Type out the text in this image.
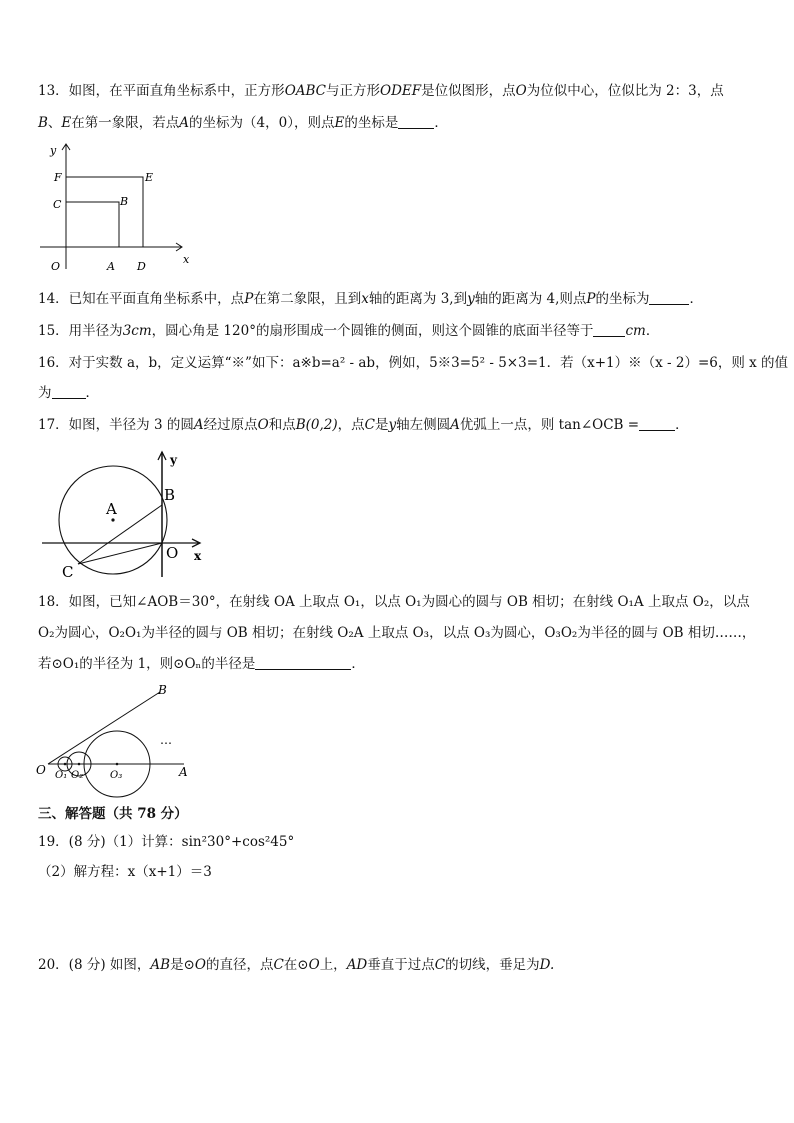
13．如图，在平面直角坐标系中，正方形OABC与正方形ODEF是位似图形，点O为位似中心，位似比为 2：3，点
B、E在第一象限，若点A的坐标为（4，0），则点E的坐标是	．
y
x
F	E
C	B
O	A D
14．已知在平面直角坐标系中，点P在第二象限，且到x轴的距离为 3,到y轴的距离为 4,则点P的坐标为	．
15．用半径为3cm，圆心角是 120°的扇形围成一个圆锥的侧面，则这个圆锥的底面半径等于 cm．
16．对于实数 a，b，定义运算“※”如下：a※b=a² - ab，例如，5※3=5² - 5×3=1．若（x+1）※（x - 2）=6，则 x 的值
为	．
17．如图，半径为 3 的圆A经过原点O和点B(0,2)，点C是y轴左侧圆A优弧上一点，则 tan∠OCB =	．
y
x
A
B
O
C
18．如图，已知∠AOB＝30°，在射线 OA 上取点 O₁，以点 O₁为圆心的圆与 OB 相切；在射线 O₁A 上取点 O₂，以点
O₂为圆心，O₂O₁为半径的圆与 OB 相切；在射线 O₂A 上取点 O₃，以点 O₃为圆心，O₃O₂为半径的圆与 OB 相切……，
若⊙O₁的半径为 1，则⊙Oₙ的半径是	．
B
O	A
O₁ O₂	O₃
…
三、解答题（共 78 分）
19．(8 分)（1）计算：sin²30°+cos²45°
（2）解方程：x（x+1）＝3
20．(8 分) 如图，AB是⊙O的直径，点C在⊙O上，AD垂直于过点C的切线，垂足为D.
